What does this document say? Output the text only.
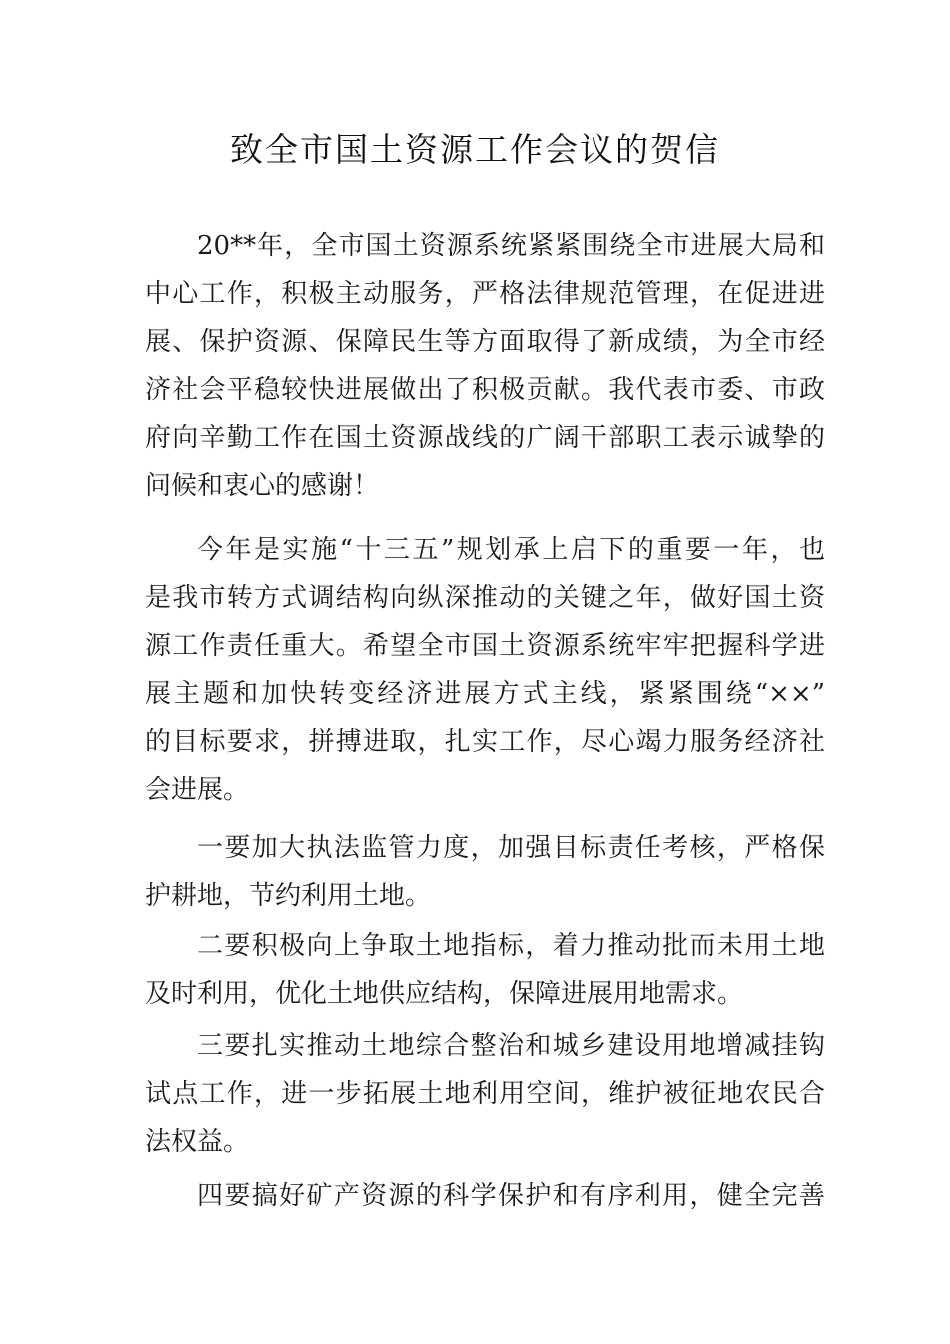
致全市国土资源工作会议的贺信
20**年，全市国土资源系统紧紧围绕全市进展大局和
中心工作，积极主动服务，严格法律规范管理，在促进进
展、保护资源、保障民生等方面取得了新成绩，为全市经
济社会平稳较快进展做出了积极贡献。我代表市委、市政
府向辛勤工作在国土资源战线的广阔干部职工表示诚挚的
问候和衷心的感谢！
今年是实施“十三五”规划承上启下的重要一年，也
是我市转方式调结构向纵深推动的关键之年，做好国土资
源工作责任重大。希望全市国土资源系统牢牢把握科学进
展主题和加快转变经济进展方式主线，紧紧围绕“××”
的目标要求，拼搏进取，扎实工作，尽心竭力服务经济社
会进展。
一要加大执法监管力度，加强目标责任考核，严格保
护耕地，节约利用土地。
二要积极向上争取土地指标，着力推动批而未用土地
及时利用，优化土地供应结构，保障进展用地需求。
三要扎实推动土地综合整治和城乡建设用地增减挂钩
试点工作，进一步拓展土地利用空间，维护被征地农民合
法权益。
四要搞好矿产资源的科学保护和有序利用，健全完善
